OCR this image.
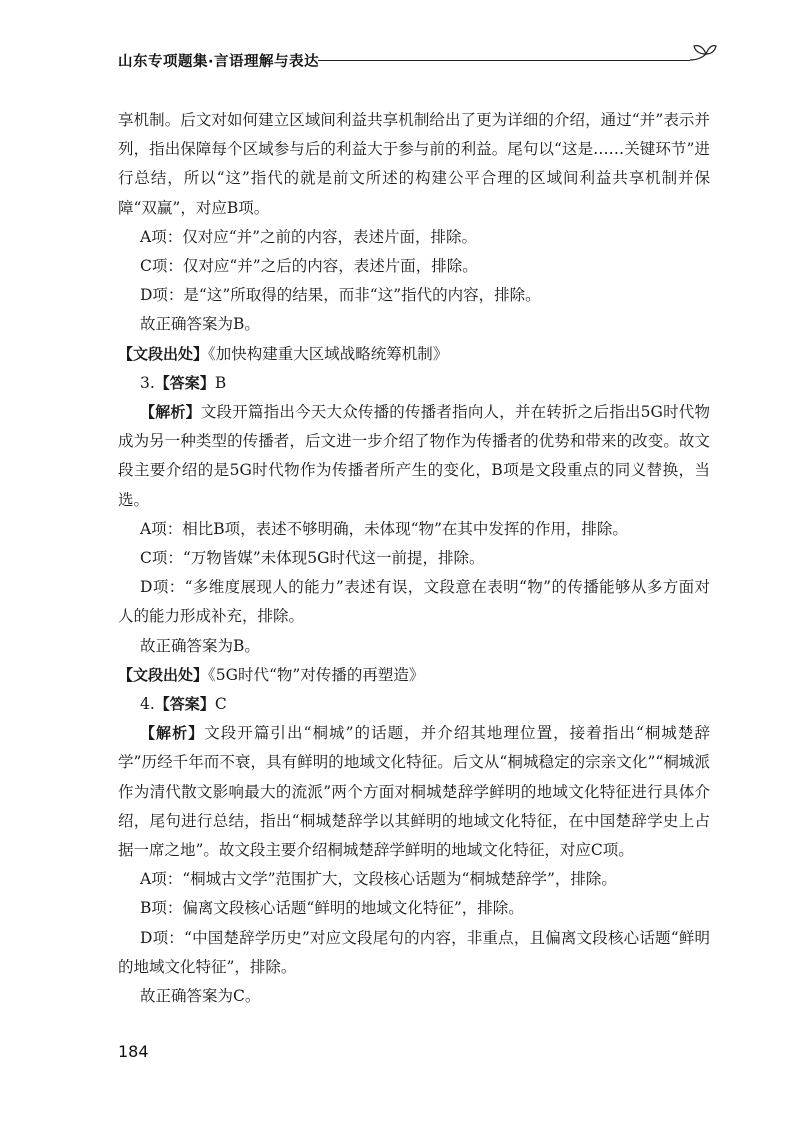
山东专项题集·言语理解与表达

享机制。后文对如何建立区域间利益共享机制给出了更为详细的介绍，通过“并”表示并列，指出保障每个区域参与后的利益大于参与前的利益。尾句以“这是……关键环节”进行总结，所以“这”指代的就是前文所述的构建公平合理的区域间利益共享机制并保障“双赢”，对应B项。

A项：仅对应“并”之前的内容，表述片面，排除。

C项：仅对应“并”之后的内容，表述片面，排除。

D项：是“这”所取得的结果，而非“这”指代的内容，排除。

故正确答案为B。

【文段出处】《加快构建重大区域战略统筹机制》

3.【答案】B

【解析】文段开篇指出今天大众传播的传播者指向人，并在转折之后指出5G时代物成为另一种类型的传播者，后文进一步介绍了物作为传播者的优势和带来的改变。故文段主要介绍的是5G时代物作为传播者所产生的变化，B项是文段重点的同义替换，当选。

A项：相比B项，表述不够明确，未体现“物”在其中发挥的作用，排除。

C项：“万物皆媒”未体现5G时代这一前提，排除。

D项：“多维度展现人的能力”表述有误，文段意在表明“物”的传播能够从多方面对人的能力形成补充，排除。

故正确答案为B。

【文段出处】《5G时代“物”对传播的再塑造》

4.【答案】C

【解析】文段开篇引出“桐城”的话题，并介绍其地理位置，接着指出“桐城楚辞学”历经千年而不衰，具有鲜明的地域文化特征。后文从“桐城稳定的宗亲文化”“桐城派作为清代散文影响最大的流派”两个方面对桐城楚辞学鲜明的地域文化特征进行具体介绍，尾句进行总结，指出“桐城楚辞学以其鲜明的地域文化特征，在中国楚辞学史上占据一席之地”。故文段主要介绍桐城楚辞学鲜明的地域文化特征，对应C项。

A项：“桐城古文学”范围扩大，文段核心话题为“桐城楚辞学”，排除。

B项：偏离文段核心话题“鲜明的地域文化特征”，排除。

D项：“中国楚辞学历史”对应文段尾句的内容，非重点，且偏离文段核心话题“鲜明的地域文化特征”，排除。

故正确答案为C。

184
